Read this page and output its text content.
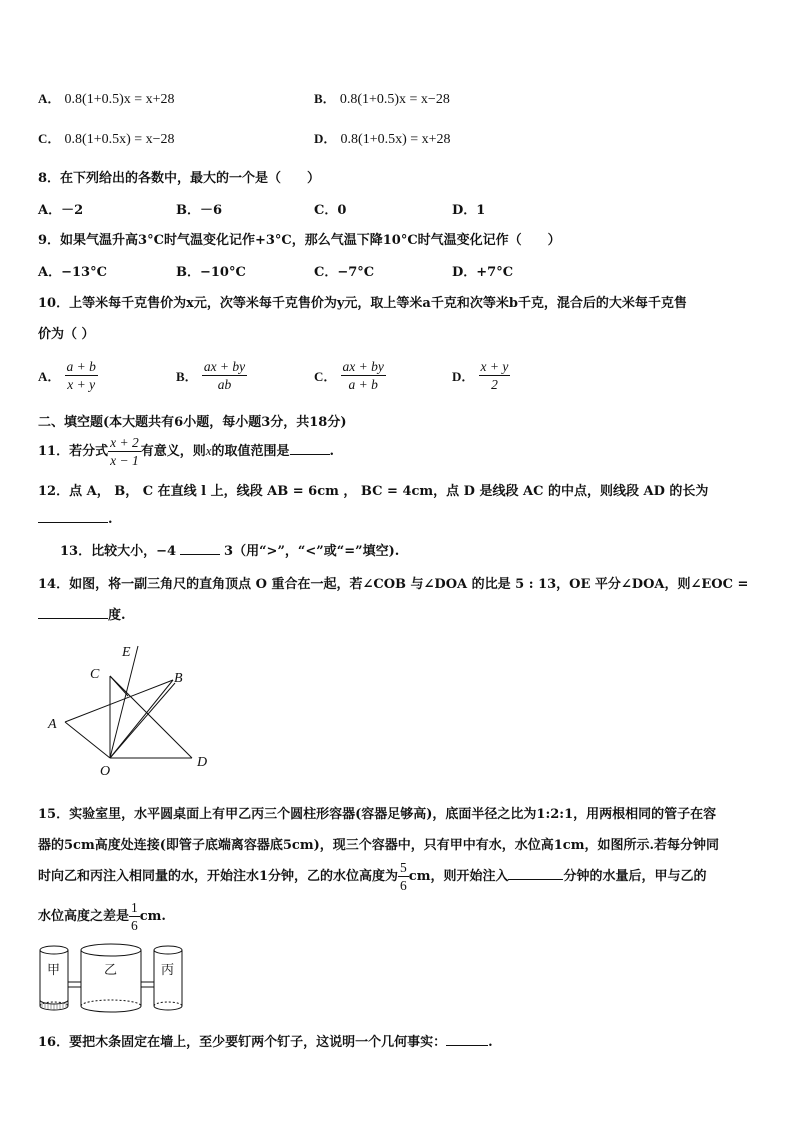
A． 0.8(1+0.5)x = x+28	B． 0.8(1+0.5)x = x−28
C． 0.8(1+0.5x) = x−28	D． 0.8(1+0.5x) = x+28
8．在下列给出的各数中，最大的一个是（　　）
A．－2	B．－6	C．0	D．1
9．如果气温升高3°C时气温变化记作+3°C，那么气温下降10°C时气温变化记作（　　）
A．−13°C	B．−10°C	C．−7°C	D．+7°C
10．上等米每千克售价为x元，次等米每千克售价为y元，取上等米a千克和次等米b千克，混合后的大米每千克售
价为（ ）
A． $\frac{a + b}{x + y}$	B． $\frac{ax + by}{ab}$	C． $\frac{ax + by}{a + b}$	D． $\frac{x + y}{2}$
二、填空题(本大题共有6小题，每小题3分，共18分)
11．若分式 $\frac{x + 2}{x - 1}$ 有意义，则x的取值范围是	.
12．点 A， B， C 在直线 l 上，线段 AB = 6cm ， BC = 4cm，点 D 是线段 AC 的中点，则线段 AD 的长为
.
13．比较大小，−4	3（用“>”，“<”或“=”填空).
14．如图，将一副三角尺的直角顶点 O 重合在一起，若∠COB 与∠DOA 的比是 5 : 13，OE 平分∠DOA，则∠EOC =
度.
E
C	B
A
O
D
15．实验室里，水平圆桌面上有甲乙丙三个圆柱形容器(容器足够高)，底面半径之比为1:2:1，用两根相同的管子在容
器的5cm高度处连接(即管子底端离容器底5cm)，现三个容器中，只有甲中有水，水位高1cm，如图所示.若每分钟同
时向乙和丙注入相同量的水，开始注水1分钟，乙的水位高度为 $\frac{5}{6}$ cm，则开始注入	分钟的水量后，甲与乙的
水位高度之差是 $\frac{1}{6}$ cm.
甲	乙	丙
16．要把木条固定在墙上，至少要钉两个钉子，这说明一个几何事实：	.
